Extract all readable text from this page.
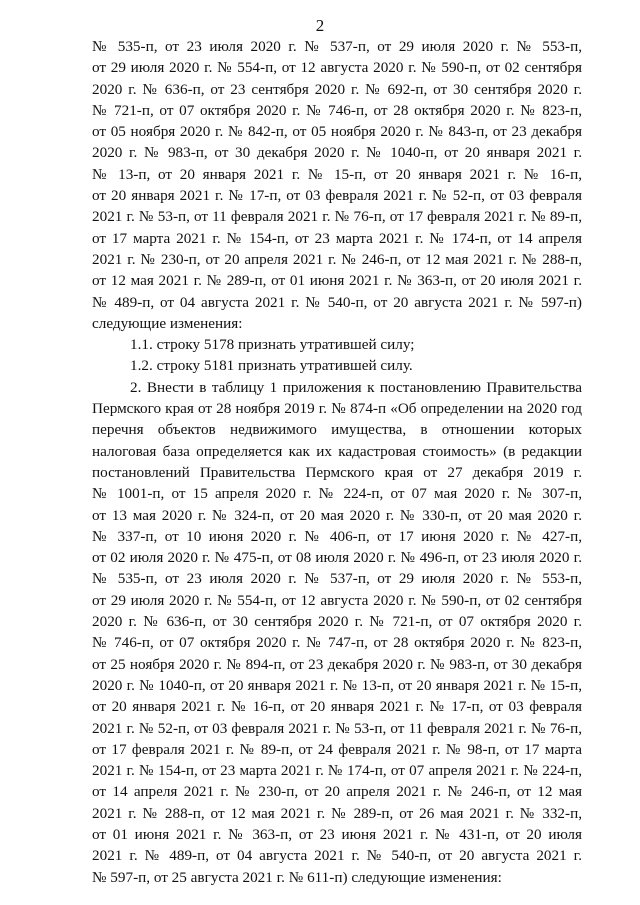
2
№ 535-п, от 23 июля 2020 г. № 537-п, от 29 июля 2020 г. № 553-п,
от 29 июля 2020 г. № 554-п, от 12 августа 2020 г. № 590-п, от 02 сентября
2020 г. № 636-п, от 23 сентября 2020 г. № 692-п, от 30 сентября 2020 г.
№ 721-п, от 07 октября 2020 г. № 746-п, от 28 октября 2020 г. № 823-п,
от 05 ноября 2020 г. № 842-п, от 05 ноября 2020 г. № 843-п, от 23 декабря
2020 г. № 983-п, от 30 декабря 2020 г. № 1040-п, от 20 января 2021 г.
№ 13-п, от 20 января 2021 г. № 15-п, от 20 января 2021 г. № 16-п,
от 20 января 2021 г. № 17-п, от 03 февраля 2021 г. № 52-п, от 03 февраля
2021 г. № 53-п, от 11 февраля 2021 г. № 76-п, от 17 февраля 2021 г. № 89-п,
от 17 марта 2021 г. № 154-п, от 23 марта 2021 г. № 174-п, от 14 апреля
2021 г. № 230-п, от 20 апреля 2021 г. № 246-п, от 12 мая 2021 г. № 288-п,
от 12 мая 2021 г. № 289-п, от 01 июня 2021 г. № 363-п, от 20 июля 2021 г.
№ 489-п, от 04 августа 2021 г. № 540-п, от 20 августа 2021 г. № 597-п)
следующие изменения:
1.1. строку 5178 признать утратившей силу;
1.2. строку 5181 признать утратившей силу.
2. Внести в таблицу 1 приложения к постановлению Правительства
Пермского края от 28 ноября 2019 г. № 874-п «Об определении на 2020 год
перечня объектов недвижимого имущества, в отношении которых
налоговая база определяется как их кадастровая стоимость» (в редакции
постановлений Правительства Пермского края от 27 декабря 2019 г.
№ 1001-п, от 15 апреля 2020 г. № 224-п, от 07 мая 2020 г. № 307-п,
от 13 мая 2020 г. № 324-п, от 20 мая 2020 г. № 330-п, от 20 мая 2020 г.
№ 337-п, от 10 июня 2020 г. № 406-п, от 17 июня 2020 г. № 427-п,
от 02 июля 2020 г. № 475-п, от 08 июля 2020 г. № 496-п, от 23 июля 2020 г.
№ 535-п, от 23 июля 2020 г. № 537-п, от 29 июля 2020 г. № 553-п,
от 29 июля 2020 г. № 554-п, от 12 августа 2020 г. № 590-п, от 02 сентября
2020 г. № 636-п, от 30 сентября 2020 г. № 721-п, от 07 октября 2020 г.
№ 746-п, от 07 октября 2020 г. № 747-п, от 28 октября 2020 г. № 823-п,
от 25 ноября 2020 г. № 894-п, от 23 декабря 2020 г. № 983-п, от 30 декабря
2020 г. № 1040-п, от 20 января 2021 г. № 13-п, от 20 января 2021 г. № 15-п,
от 20 января 2021 г. № 16-п, от 20 января 2021 г. № 17-п, от 03 февраля
2021 г. № 52-п, от 03 февраля 2021 г. № 53-п, от 11 февраля 2021 г. № 76-п,
от 17 февраля 2021 г. № 89-п, от 24 февраля 2021 г. № 98-п, от 17 марта
2021 г. № 154-п, от 23 марта 2021 г. № 174-п, от 07 апреля 2021 г. № 224-п,
от 14 апреля 2021 г. № 230-п, от 20 апреля 2021 г. № 246-п, от 12 мая
2021 г. № 288-п, от 12 мая 2021 г. № 289-п, от 26 мая 2021 г. № 332-п,
от 01 июня 2021 г. № 363-п, от 23 июня 2021 г. № 431-п, от 20 июля
2021 г. № 489-п, от 04 августа 2021 г. № 540-п, от 20 августа 2021 г.
№ 597-п, от 25 августа 2021 г. № 611-п) следующие изменения:
